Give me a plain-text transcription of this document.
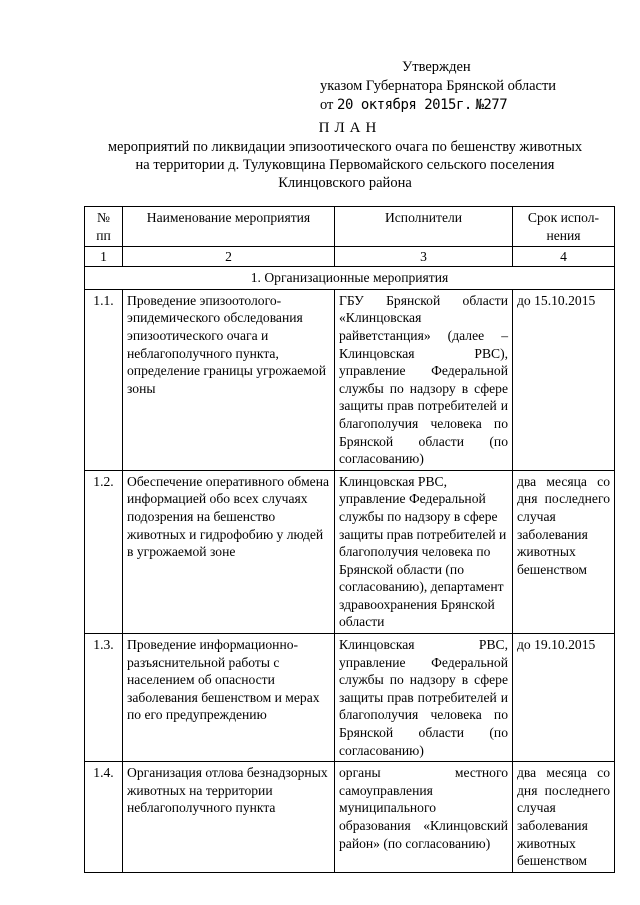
Утвержден
указом Губернатора Брянской области
от 20 октября 2015г. №277
ПЛАН
мероприятий по ликвидации эпизоотического очага по бешенству животных
на территории д. Тулуковщина Первомайского сельского поселения
Клинцовского района
№ пп	Наименование мероприятия	Исполнители	Срок испол-нения
1	2	3	4
1. Организационные мероприятия			
1.1.	Проведение эпизоотолого-эпидемического обследования эпизоотического очага и неблагополучного пункта, определение границы угрожаемой зоны	ГБУ Брянской области «Клинцовская райветстанция» (далее – Клинцовская РВС), управление Федеральной службы по надзору в сфере защиты прав потребителей и благополучия человека по Брянской области (по согласованию)	до 15.10.2015
1.2.	Обеспечение оперативного обмена информацией обо всех случаях подозрения на бешенство животных и гидрофобию у людей в угрожаемой зоне	Клинцовская РВС, управление Федеральной службы по надзору в сфере защиты прав потребителей и благополучия человека по Брянской области (по согласованию), департамент здравоохранения Брянской области	два месяца со дня последнего случая заболевания животных бешенством
1.3.	Проведение информационно-разъяснительной работы с населением об опасности заболевания бешенством и мерах по его предупреждению	Клинцовская РВС, управление Федеральной службы по надзору в сфере защиты прав потребителей и благополучия человека по Брянской области (по согласованию)	до 19.10.2015
1.4.	Организация отлова безнадзорных животных на территории неблагополучного пункта	органы местного самоуправления муниципального образования «Клинцовский район» (по согласованию)	два месяца со дня последнего случая заболевания животных бешенством
